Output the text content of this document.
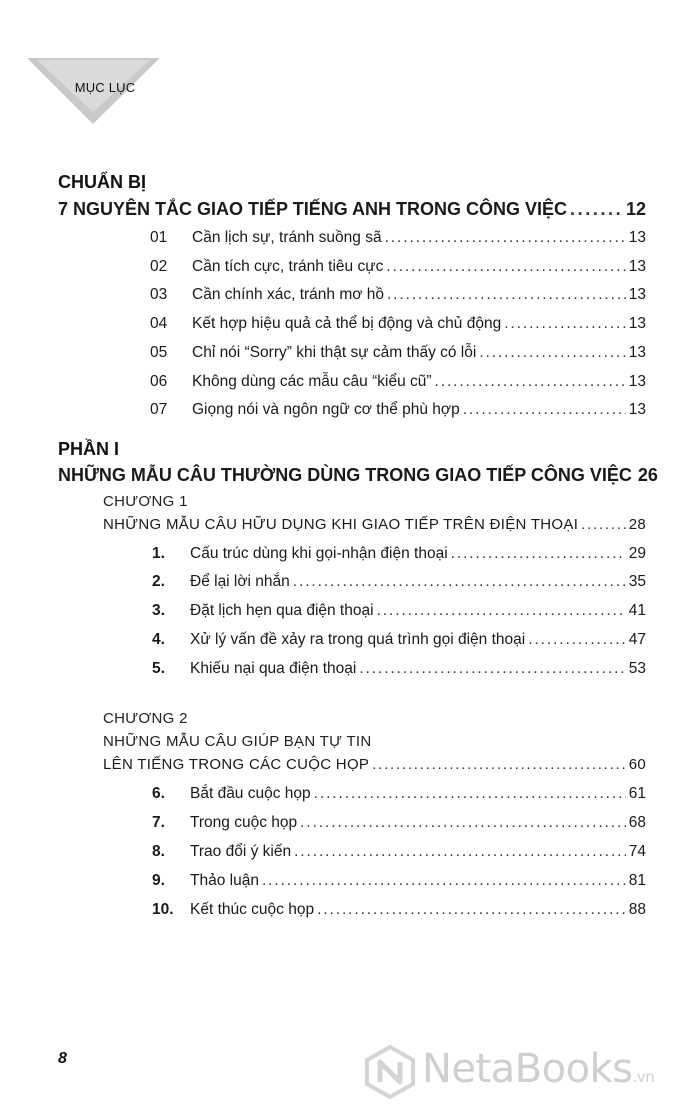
MỤC LỤC
CHUẨN BỊ
7 NGUYÊN TẮC GIAO TIẾP TIẾNG ANH TRONG CÔNG VIỆC . . .	12
01	Cần lịch sự, tránh suồng sã . . .	13
02	Cần tích cực, tránh tiêu cực . . .	13
03	Cần chính xác, tránh mơ hồ . . .	13
04	Kết hợp hiệu quả cả thể bị động và chủ động . . .	13
05	Chỉ nói “Sorry” khi thật sự cảm thấy có lỗi . . .	13
06	Không dùng các mẫu câu “kiểu cũ” . . .	13
07	Giọng nói và ngôn ngữ cơ thể phù hợp . . .	13
PHẦN I
NHỮNG MẪU CÂU THƯỜNG DÙNG TRONG GIAO TIẾP CÔNG VIỆC 26
CHƯƠNG 1
NHỮNG MẪU CÂU HỮU DỤNG KHI GIAO TIẾP TRÊN ĐIỆN THOẠI . . .	28
1.	Cấu trúc dùng khi gọi-nhận điện thoại . . .	29
2.	Để lại lời nhắn . . .	35
3.	Đặt lịch hẹn qua điện thoại . . .	41
4.	Xử lý vấn đề xảy ra trong quá trình gọi điện thoại . . .	47
5.	Khiếu nại qua điện thoại . . .	53
CHƯƠNG 2
NHỮNG MẪU CÂU GIÚP BẠN TỰ TIN
LÊN TIẾNG TRONG CÁC CUỘC HỌP . . .	60
6.	Bắt đầu cuộc họp . . .	61
7.	Trong cuộc họp . . .	68
8.	Trao đổi ý kiến . . .	74
9.	Thảo luận . . .	81
10.	Kết thúc cuộc họp . . .	88
8	NetaBooks.vn
